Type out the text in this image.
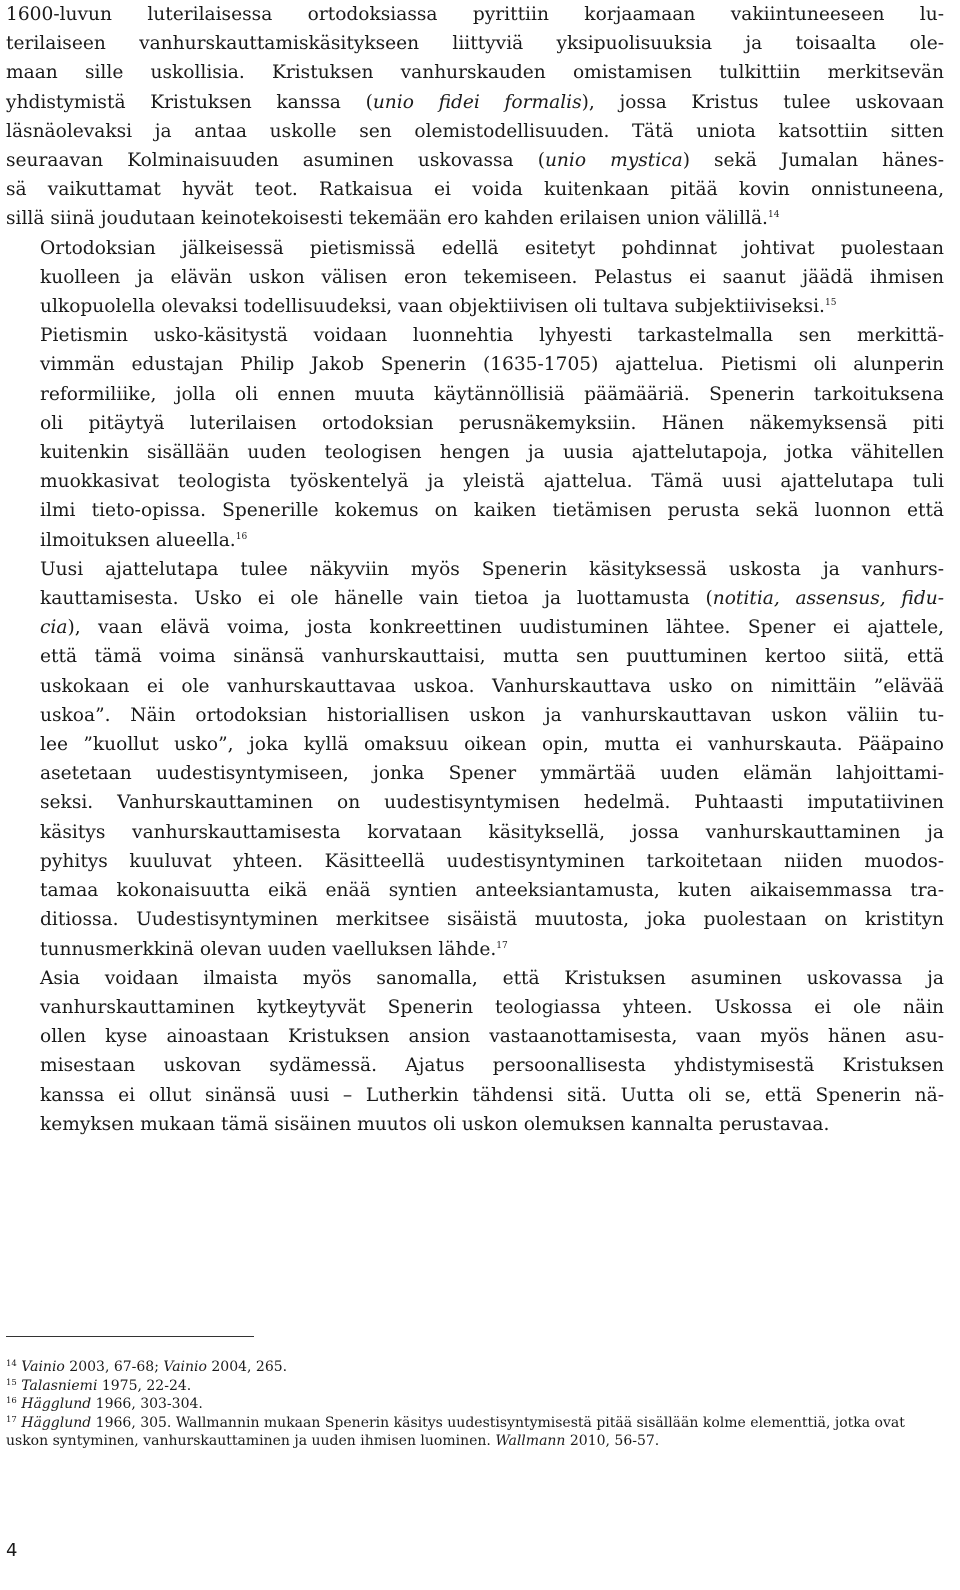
1600-luvun luterilaisessa ortodoksiassa pyrittiin korjaamaan vakiintuneeseen lu-
terilaiseen vanhurskauttamiskäsitykseen liittyviä yksipuolisuuksia ja toisaalta ole-
maan sille uskollisia. Kristuksen vanhurskauden omistamisen tulkittiin merkitsevän
yhdistymistä Kristuksen kanssa (unio fidei formalis), jossa Kristus tulee uskovaan
läsnäolevaksi ja antaa uskolle sen olemistodellisuuden. Tätä uniota katsottiin sitten
seuraavan Kolminaisuuden asuminen uskovassa (unio mystica) sekä Jumalan hänes-
sä vaikuttamat hyvät teot. Ratkaisua ei voida kuitenkaan pitää kovin onnistuneena,
sillä siinä joudutaan keinotekoisesti tekemään ero kahden erilaisen union välillä.$^{14}$

Ortodoksian jälkeisessä pietismissä edellä esitetyt pohdinnat johtivat puolestaan
kuolleen ja elävän uskon välisen eron tekemiseen. Pelastus ei saanut jäädä ihmisen
ulkopuolella olevaksi todellisuudeksi, vaan objektiivisen oli tultava subjektiiviseksi.$^{15}$

Pietismin usko-käsitystä voidaan luonnehtia lyhyesti tarkastelmalla sen merkittä-
vimmän edustajan Philip Jakob Spenerin (1635-1705) ajattelua. Pietismi oli alunperin
reformiliike, jolla oli ennen muuta käytännöllisiä päämääriä. Spenerin tarkoituksena
oli pitäytyä luterilaisen ortodoksian perusnäkemyksiin. Hänen näkemyksensä piti
kuitenkin sisällään uuden teologisen hengen ja uusia ajattelutapoja, jotka vähitellen
muokkasivat teologista työskentelyä ja yleistä ajattelua. Tämä uusi ajattelutapa tuli
ilmi tieto-opissa. Spenerille kokemus on kaiken tietämisen perusta sekä luonnon että
ilmoituksen alueella.$^{16}$

Uusi ajattelutapa tulee näkyviin myös Spenerin käsityksessä uskosta ja vanhurs-
kauttamisesta. Usko ei ole hänelle vain tietoa ja luottamusta (notitia, assensus, fidu-
cia), vaan elävä voima, josta konkreettinen uudistuminen lähtee. Spener ei ajattele,
että tämä voima sinänsä vanhurskauttaisi, mutta sen puuttuminen kertoo siitä, että
uskokaan ei ole vanhurskauttavaa uskoa. Vanhurskauttava usko on nimittäin ”elävää
uskoa”. Näin ortodoksian historiallisen uskon ja vanhurskauttavan uskon väliin tu-
lee ”kuollut usko”, joka kyllä omaksuu oikean opin, mutta ei vanhurskauta. Pääpaino
asetetaan uudestisyntymiseen, jonka Spener ymmärtää uuden elämän lahjoittami-
seksi. Vanhurskauttaminen on uudestisyntymisen hedelmä. Puhtaasti imputatiivinen
käsitys vanhurskauttamisesta korvataan käsityksellä, jossa vanhurskauttaminen ja
pyhitys kuuluvat yhteen. Käsitteellä uudestisyntyminen tarkoitetaan niiden muodos-
tamaa kokonaisuutta eikä enää syntien anteeksiantamusta, kuten aikaisemmassa tra-
ditiossa. Uudestisyntyminen merkitsee sisäistä muutosta, joka puolestaan on kristityn
tunnusmerkkinä olevan uuden vaelluksen lähde.$^{17}$

Asia voidaan ilmaista myös sanomalla, että Kristuksen asuminen uskovassa ja
vanhurskauttaminen kytkeytyvät Spenerin teologiassa yhteen. Uskossa ei ole näin
ollen kyse ainoastaan Kristuksen ansion vastaanottamisesta, vaan myös hänen asu-
misestaan uskovan sydämessä. Ajatus persoonallisesta yhdistymisestä Kristuksen
kanssa ei ollut sinänsä uusi – Lutherkin tähdensi sitä. Uutta oli se, että Spenerin nä-
kemyksen mukaan tämä sisäinen muutos oli uskon olemuksen kannalta perustavaa.

$^{14}$ Vainio 2003, 67-68; Vainio 2004, 265.

$^{15}$ Talasniemi 1975, 22-24.

$^{16}$ Hägglund 1966, 303-304.

$^{17}$ Hägglund 1966, 305. Wallmannin mukaan Spenerin käsitys uudestisyntymisestä pitää sisällään kolme elementtiä, jotka ovat uskon syntyminen, vanhurskauttaminen ja uuden ihmisen luominen. Wallmann 2010, 56-57.

4
